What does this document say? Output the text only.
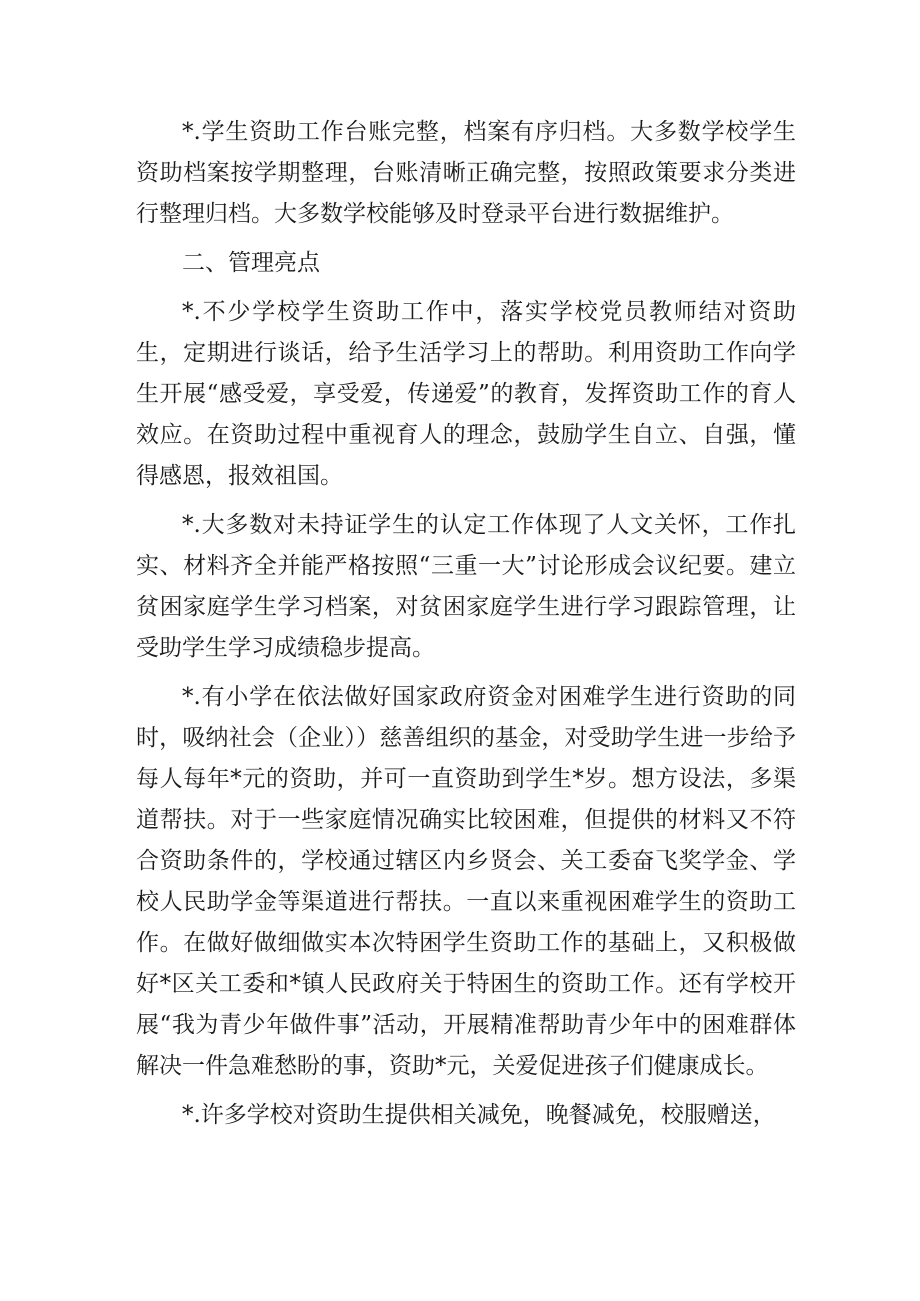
*.学生资助工作台账完整，档案有序归档。大多数学校学生资助档案按学期整理，台账清晰正确完整，按照政策要求分类进行整理归档。大多数学校能够及时登录平台进行数据维护。

二、管理亮点

*.不少学校学生资助工作中，落实学校党员教师结对资助生，定期进行谈话，给予生活学习上的帮助。利用资助工作向学生开展“感受爱，享受爱，传递爱”的教育，发挥资助工作的育人效应。在资助过程中重视育人的理念，鼓励学生自立、自强，懂得感恩，报效祖国。

*.大多数对未持证学生的认定工作体现了人文关怀，工作扎实、材料齐全并能严格按照“三重一大”讨论形成会议纪要。建立贫困家庭学生学习档案，对贫困家庭学生进行学习跟踪管理，让受助学生学习成绩稳步提高。

*.有小学在依法做好国家政府资金对困难学生进行资助的同时，吸纳社会（企业））慈善组织的基金，对受助学生进一步给予每人每年*元的资助，并可一直资助到学生*岁。想方设法，多渠道帮扶。对于一些家庭情况确实比较困难，但提供的材料又不符合资助条件的，学校通过辖区内乡贤会、关工委奋飞奖学金、学校人民助学金等渠道进行帮扶。一直以来重视困难学生的资助工作。在做好做细做实本次特困学生资助工作的基础上，又积极做好*区关工委和*镇人民政府关于特困生的资助工作。还有学校开展“我为青少年做件事”活动，开展精准帮助青少年中的困难群体解决一件急难愁盼的事，资助*元，关爱促进孩子们健康成长。

*.许多学校对资助生提供相关减免，晚餐减免，校服赠送，
